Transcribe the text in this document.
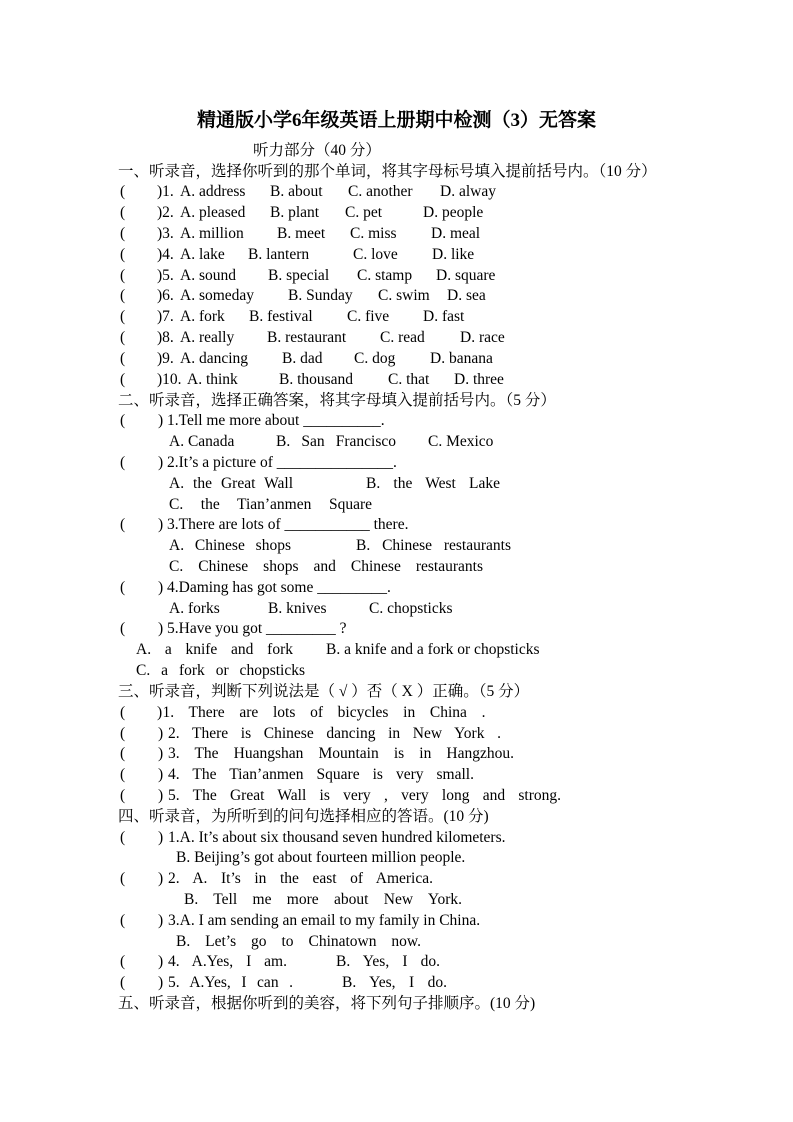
精通版小学6年级英语上册期中检测（3）无答案
听力部分（40 分）
一、听录音，选择你听到的那个单词，将其字母标号填入提前括号内。（10 分）
( )1. A. address B. about C. another D. alway
( )2. A. pleased B. plant C. pet	D. people
( )3. A. million B. meet C. miss D. meal
( )4. A. lake B. lantern	C. love D. like
( )5. A. sound B. special C. stamp D. square
( )6. A. someday B. Sunday C. swim D. sea
( )7. A. fork B. festival C. five D. fast
( )8. A. really B. restaurant C. read D. race
( )9. A. dancing B. dad C. dog D. banana
( )10. A. think	B. thousand C. that D. three
二、听录音，选择正确答案，将其字母填入提前括号内。（5 分）
( ) 1.Tell me more about __________.
A. Canada	B. San Francisco C. Mexico
( ) 2.It’s a picture of _______________.
A. the Great Wall	B. the West Lake
C. the Tian’anmen Square
( ) 3.There are lots of ___________ there.
A. Chinese shops	B. Chinese restaurants
C. Chinese shops and Chinese restaurants
( ) 4.Daming has got some _________.
A. forks	B. knives	C. chopsticks
( ) 5.Have you got _________ ?
A. a knife and fork B. a knife and a fork or chopsticks
C. a fork or chopsticks
三、听录音，判断下列说法是（ √ ）否（ X ）正确。（5 分）
( ) 1. There are lots of bicycles in China .
( ) 2. There is Chinese dancing in New York .
( ) 3. The Huangshan Mountain is in Hangzhou.
( ) 4. The Tian’anmen Square is very small.
( ) 5. The Great Wall is very , very long and strong.
四、听录音，为所听到的问句选择相应的答语。(10 分)
( ) 1.A. It’s about six thousand seven hundred kilometers.
B. Beijing’s got about fourteen million people.
( ) 2. A. It’s in the east of America.
B. Tell me more about New York.
( ) 3.A. I am sending an email to my family in China.
B. Let’s go to Chinatown now.
( ) 4. A.Yes, I am.	B. Yes, I do.
( ) 5. A.Yes, I can .	B. Yes, I do.
五、听录音，根据你听到的美容，将下列句子排顺序。(10 分)
